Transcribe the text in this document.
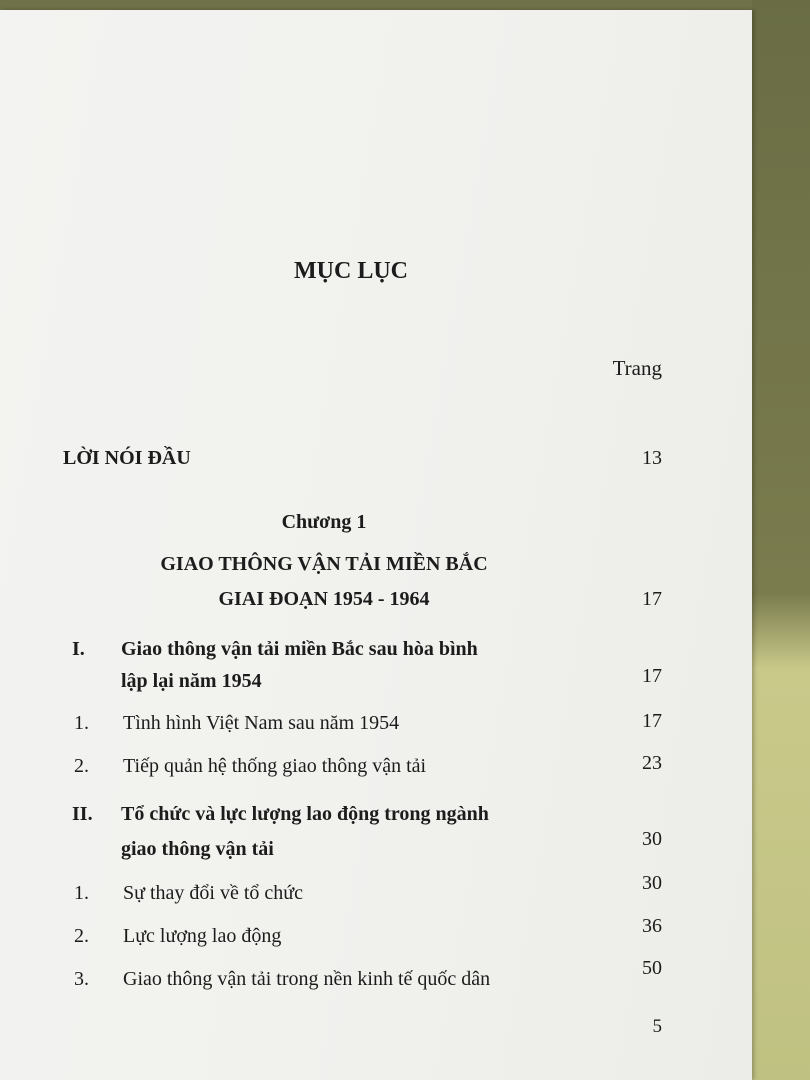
MỤC LỤC
Trang
LỜI NÓI ĐẦU	13
Chương 1
GIAO THÔNG VẬN TẢI MIỀN BẮC
GIAI ĐOẠN 1954 - 1964	17
I. Giao thông vận tải miền Bắc sau hòa bình
lập lại năm 1954	17
1. Tình hình Việt Nam sau năm 1954	17
2. Tiếp quản hệ thống giao thông vận tải	23
II. Tổ chức và lực lượng lao động trong ngành
giao thông vận tải	30
1. Sự thay đổi về tổ chức	30
2. Lực lượng lao động	36
3. Giao thông vận tải trong nền kinh tế quốc dân	50
5
